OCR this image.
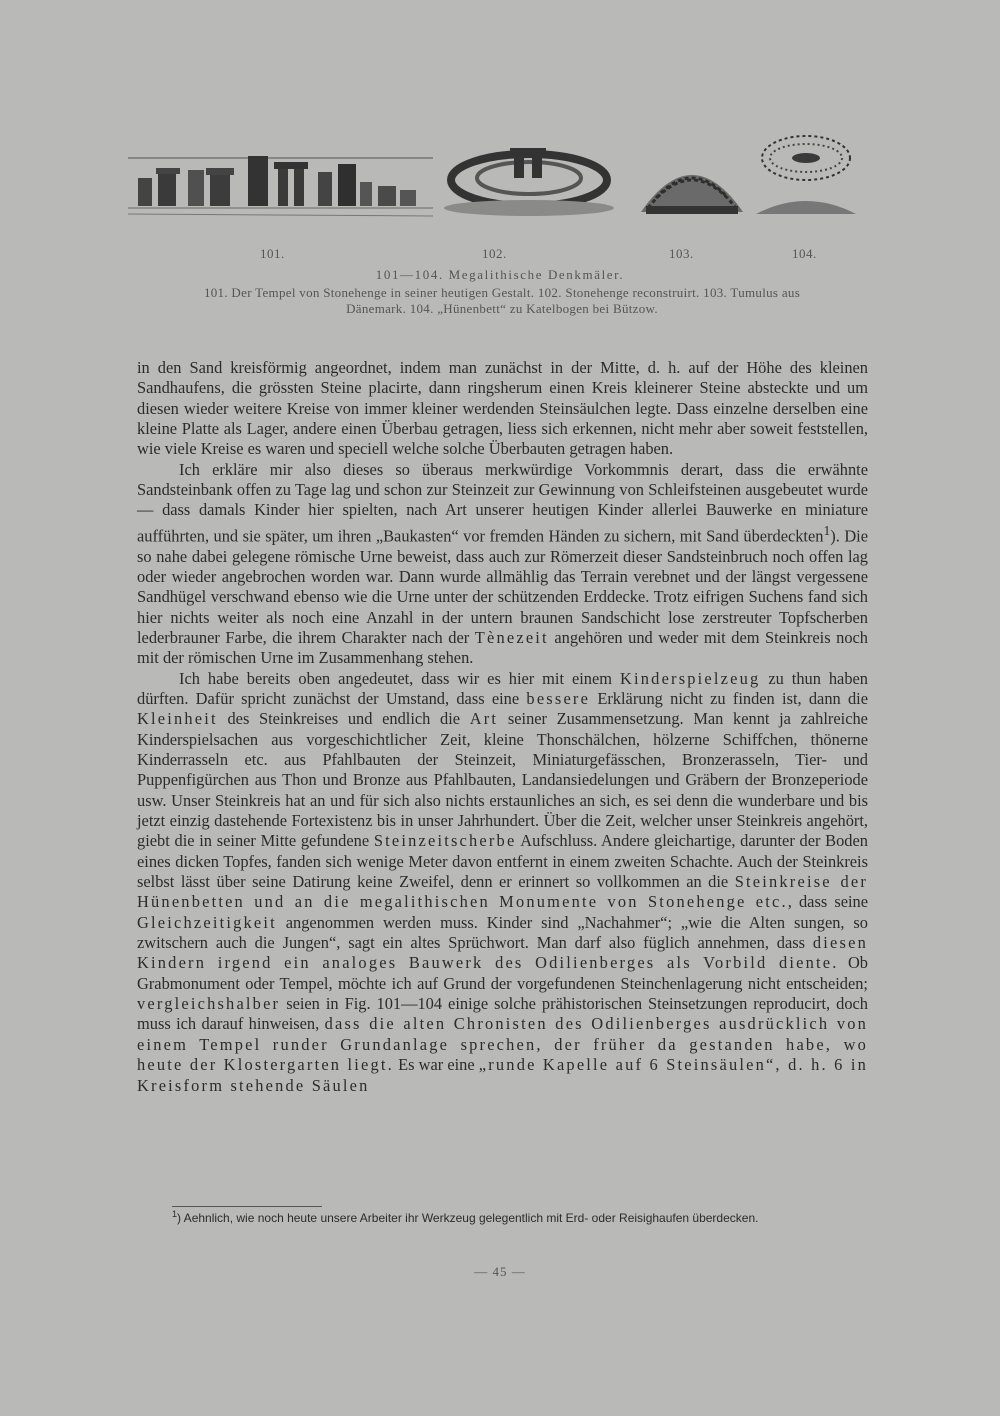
101.	102.	103.	104.
101—104. Megalithische Denkmäler.
101. Der Tempel von Stonehenge in seiner heutigen Gestalt. 102. Stonehenge reconstruirt. 103. Tumulus aus
Dänemark. 104. „Hünenbett“ zu Katelbogen bei Bützow.

in den Sand kreisförmig angeordnet, indem man zunächst in der Mitte, d. h. auf der Höhe des kleinen Sandhaufens, die grössten Steine placirte, dann ringsherum einen Kreis kleinerer Steine absteckte und um diesen wieder weitere Kreise von immer kleiner werdenden Steinsäulchen legte. Dass einzelne derselben eine kleine Platte als Lager, andere einen Überbau getragen, liess sich erkennen, nicht mehr aber soweit feststellen, wie viele Kreise es waren und speciell welche solche Überbauten getragen haben.

Ich erkläre mir also dieses so überaus merkwürdige Vorkommnis derart, dass die erwähnte Sandsteinbank offen zu Tage lag und schon zur Steinzeit zur Gewinnung von Schleifsteinen ausgebeutet wurde — dass damals Kinder hier spielten, nach Art unserer heutigen Kinder allerlei Bauwerke en miniature aufführten, und sie später, um ihren „Baukasten“ vor fremden Händen zu sichern, mit Sand überdeckten$^1$). Die so nahe dabei gelegene römische Urne beweist, dass auch zur Römerzeit dieser Sandsteinbruch noch offen lag oder wieder angebrochen worden war. Dann wurde allmählig das Terrain verebnet und der längst vergessene Sandhügel verschwand ebenso wie die Urne unter der schützenden Erddecke. Trotz eifrigen Suchens fand sich hier nichts weiter als noch eine Anzahl in der untern braunen Sandschicht lose zerstreuter Topfscherben lederbrauner Farbe, die ihrem Charakter nach der Tènezeit angehören und weder mit dem Steinkreis noch mit der römischen Urne im Zusammenhang stehen.

Ich habe bereits oben angedeutet, dass wir es hier mit einem Kinderspielzeug zu thun haben dürften. Dafür spricht zunächst der Umstand, dass eine bessere Erklärung nicht zu finden ist, dann die Kleinheit des Steinkreises und endlich die Art seiner Zusammensetzung. Man kennt ja zahlreiche Kinderspielsachen aus vorgeschichtlicher Zeit, kleine Thonschälchen, hölzerne Schiffchen, thönerne Kinderrasseln etc. aus Pfahlbauten der Steinzeit, Miniaturgefässchen, Bronzerasseln, Tier- und Puppenfigürchen aus Thon und Bronze aus Pfahlbauten, Landansiedelungen und Gräbern der Bronzeperiode usw. Unser Steinkreis hat an und für sich also nichts erstaunliches an sich, es sei denn die wunderbare und bis jetzt einzig dastehende Fortexistenz bis in unser Jahrhundert. Über die Zeit, welcher unser Steinkreis angehört, giebt die in seiner Mitte gefundene Steinzeitscherbe Aufschluss. Andere gleichartige, darunter der Boden eines dicken Topfes, fanden sich wenige Meter davon entfernt in einem zweiten Schachte. Auch der Steinkreis selbst lässt über seine Datirung keine Zweifel, denn er erinnert so vollkommen an die Steinkreise der Hünenbetten und an die megalithischen Monumente von Stonehenge etc., dass seine Gleichzeitigkeit angenommen werden muss. Kinder sind „Nachahmer“; „wie die Alten sungen, so zwitschern auch die Jungen“, sagt ein altes Sprüchwort. Man darf also füglich annehmen, dass diesen Kindern irgend ein analoges Bauwerk des Odilienberges als Vorbild diente. Ob Grabmonument oder Tempel, möchte ich auf Grund der vorgefundenen Steinchenlagerung nicht entscheiden; vergleichshalber seien in Fig. 101—104 einige solche prähistorischen Steinsetzungen reproducirt, doch muss ich darauf hinweisen, dass die alten Chronisten des Odilienberges ausdrücklich von einem Tempel runder Grundanlage sprechen, der früher da gestanden habe, wo heute der Klostergarten liegt. Es war eine „runde Kapelle auf 6 Steinsäulen“, d. h. 6 in Kreisform stehende Säulen

$^1$) Aehnlich, wie noch heute unsere Arbeiter ihr Werkzeug gelegentlich mit Erd- oder Reisighaufen überdecken.
— 45 —
